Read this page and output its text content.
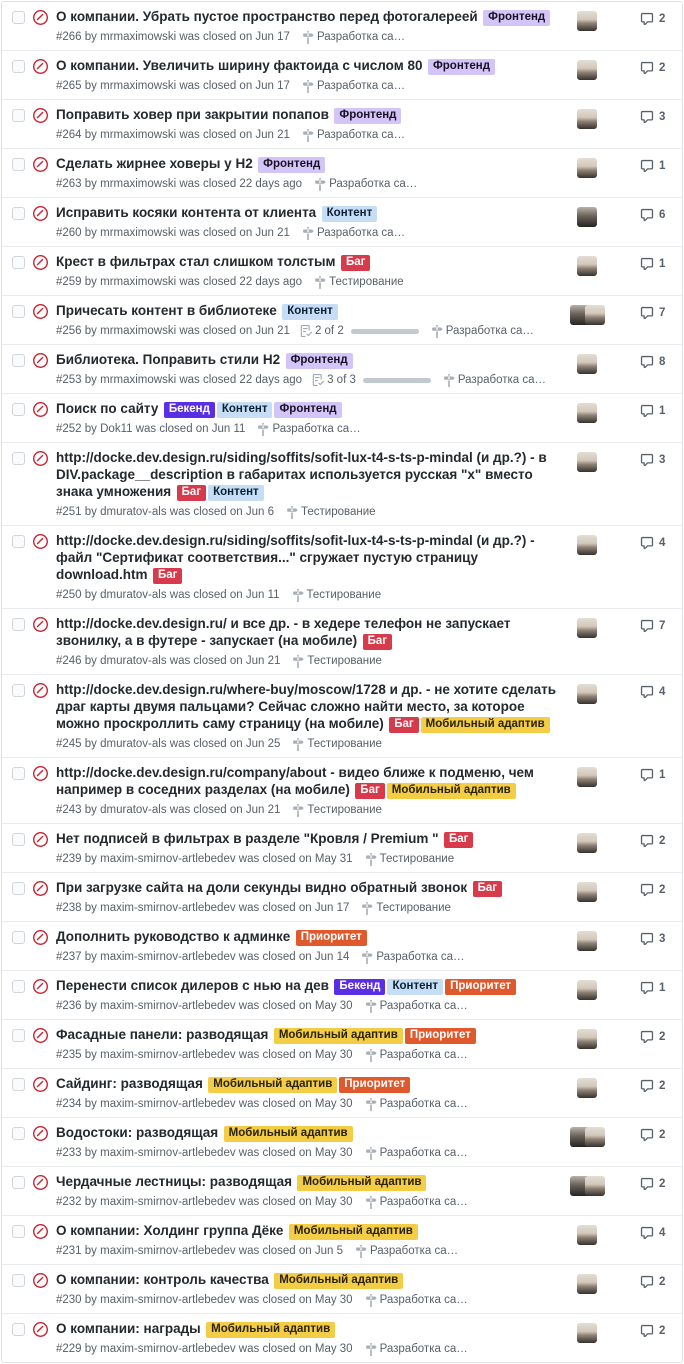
О компании. Убрать пустое пространство перед фотогалереей Фронтенд
#266 by mrmaximowski was closed on Jun 17 Разработка са…
2
О компании. Увеличить ширину фактоида с числом 80 Фронтенд
#265 by mrmaximowski was closed on Jun 17 Разработка са…
2
Поправить ховер при закрытии попапов Фронтенд
#264 by mrmaximowski was closed on Jun 21 Разработка са…
3
Сделать жирнее ховеры у H2 Фронтенд
#263 by mrmaximowski was closed 22 days ago Разработка са…
1
Исправить косяки контента от клиента Контент
#260 by mrmaximowski was closed on Jun 21 Разработка са…
6
Крест в фильтрах стал слишком толстым Баг
#259 by mrmaximowski was closed 22 days ago Тестирование
1
Причесать контент в библиотеке Контент
#256 by mrmaximowski was closed on Jun 21 2 of 2	Разработка са…
7
Библиотека. Поправить стили H2 Фронтенд
#253 by mrmaximowski was closed 22 days ago 3 of 3	Разработка са…
8
Поиск по сайту Бекенд Контент Фронтенд
#252 by Dok11 was closed on Jun 11 Разработка са…
1
http://docke.dev.design.ru/siding/soffits/sofit-lux-t4-s-ts-p-mindal (и др.?) - в DIV.package__description в габаритах используется русская "х" вместо знака умножения Баг Контент
#251 by dmuratov-als was closed on Jun 6 Тестирование
3
http://docke.dev.design.ru/siding/soffits/sofit-lux-t4-s-ts-p-mindal (и др.?) - файл "Сертификат соответствия..." сгружает пустую страницу download.htm Баг
#250 by dmuratov-als was closed on Jun 11 Тестирование
4
http://docke.dev.design.ru/ и все др. - в хедере телефон не запускает звонилку, а в футере - запускает (на мобиле) Баг
#246 by dmuratov-als was closed on Jun 21 Тестирование
7
http://docke.dev.design.ru/where-buy/moscow/1728 и др. - не хотите сделать драг карты двумя пальцами? Сейчас сложно найти место, за которое можно проскроллить саму страницу (на мобиле) Баг Мобильный адаптив
#245 by dmuratov-als was closed on Jun 25 Тестирование
4
http://docke.dev.design.ru/company/about - видео ближе к подменю, чем например в соседних разделах (на мобиле) Баг Мобильный адаптив
#243 by dmuratov-als was closed on Jun 21 Тестирование
1
Нет подписей в фильтрах в разделе "Кровля / Premium " Баг
#239 by maxim-smirnov-artlebedev was closed on May 31 Тестирование
2
При загрузке сайта на доли секунды видно обратный звонок Баг
#238 by maxim-smirnov-artlebedev was closed on Jun 17 Тестирование
2
Дополнить руководство к админке Приоритет
#237 by maxim-smirnov-artlebedev was closed on Jun 14 Разработка са…
3
Перенести список дилеров с нью на дев Бекенд Контент Приоритет
#236 by maxim-smirnov-artlebedev was closed on May 30 Разработка са…
1
Фасадные панели: разводящая Мобильный адаптив Приоритет
#235 by maxim-smirnov-artlebedev was closed on May 30 Разработка са…
2
Сайдинг: разводящая Мобильный адаптив Приоритет
#234 by maxim-smirnov-artlebedev was closed on May 30 Разработка са…
2
Водостоки: разводящая Мобильный адаптив
#233 by maxim-smirnov-artlebedev was closed on May 30 Разработка са…
2
Чердачные лестницы: разводящая Мобильный адаптив
#232 by maxim-smirnov-artlebedev was closed on May 30 Разработка са…
2
О компании: Холдинг группа Дёке Мобильный адаптив
#231 by maxim-smirnov-artlebedev was closed on Jun 5 Разработка са…
4
О компании: контроль качества Мобильный адаптив
#230 by maxim-smirnov-artlebedev was closed on May 30 Разработка са…
2
О компании: награды Мобильный адаптив
#229 by maxim-smirnov-artlebedev was closed on May 30 Разработка са…
2
